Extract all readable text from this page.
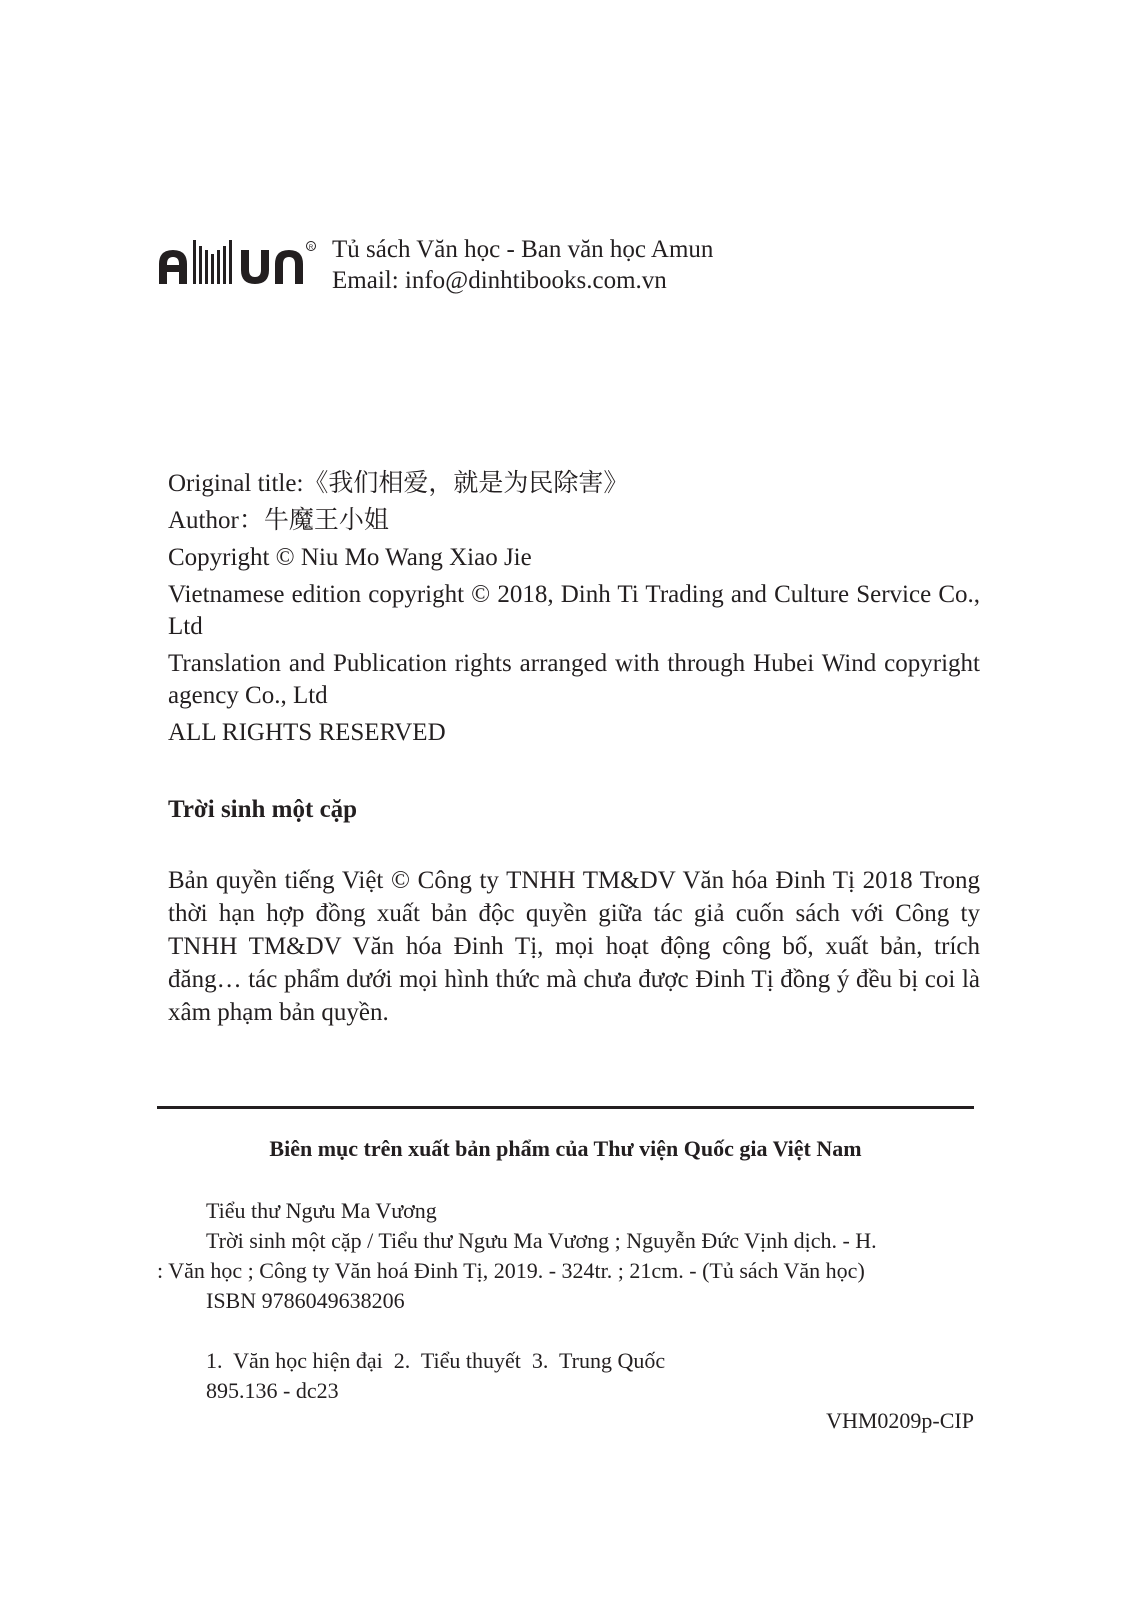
R Tủ sách Văn học - Ban văn học Amun
Email: info@dinhtibooks.com.vn

Original title:《我们相爱，就是为民除害》

Author：牛魔王小姐

Copyright © Niu Mo Wang Xiao Jie

Vietnamese edition copyright © 2018, Dinh Ti Trading and Culture Service Co., Ltd

Translation and Publication rights arranged with through Hubei Wind copyright agency Co., Ltd

ALL RIGHTS RESERVED

Trời sinh một cặp
Bản quyền tiếng Việt © Công ty TNHH TM&DV Văn hóa Đinh Tị 2018 Trong thời hạn hợp đồng xuất bản độc quyền giữa tác giả cuốn sách với Công ty TNHH TM&DV Văn hóa Đinh Tị, mọi hoạt động công bố, xuất bản, trích đăng… tác phẩm dưới mọi hình thức mà chưa được Đinh Tị đồng ý đều bị coi là xâm phạm bản quyền.
Biên mục trên xuất bản phẩm của Thư viện Quốc gia Việt Nam
Tiểu thư Ngưu Ma Vương
Trời sinh một cặp / Tiểu thư Ngưu Ma Vương ; Nguyễn Đức Vịnh dịch. - H.
: Văn học ; Công ty Văn hoá Đinh Tị, 2019. - 324tr. ; 21cm. - (Tủ sách Văn học)
ISBN 9786049638206
1.  Văn học hiện đại  2.  Tiểu thuyết  3.  Trung Quốc
895.136 - dc23
VHM0209p-CIP
